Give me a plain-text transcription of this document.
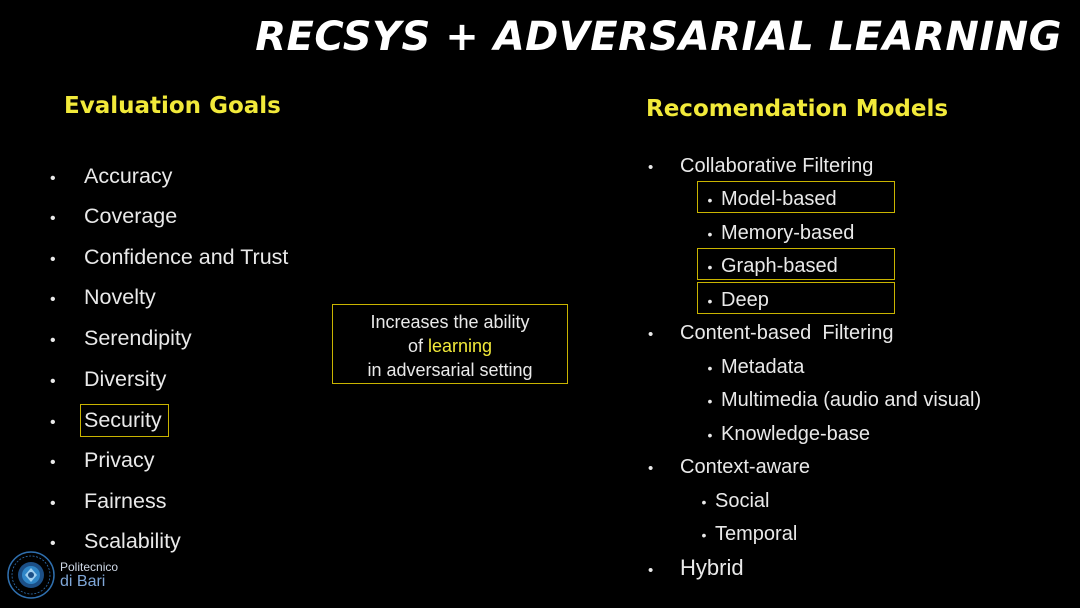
RECSYS + ADVERSARIAL LEARNING
Evaluation Goals
• Accuracy
• Coverage
• Confidence and Trust
• Novelty
• Serendipity
• Diversity
• Security
• Privacy
• Fairness
• Scalability
Increases the ability
of learning
in adversarial setting
Recomendation Models
• Collaborative Filtering
• Model-based
• Memory-based
• Graph-based
• Deep
• Content-based  Filtering
• Metadata
• Multimedia (audio and visual)
• Knowledge-base
• Context-aware
• Social
• Temporal
• Hybrid
Politecnico
di Bari
